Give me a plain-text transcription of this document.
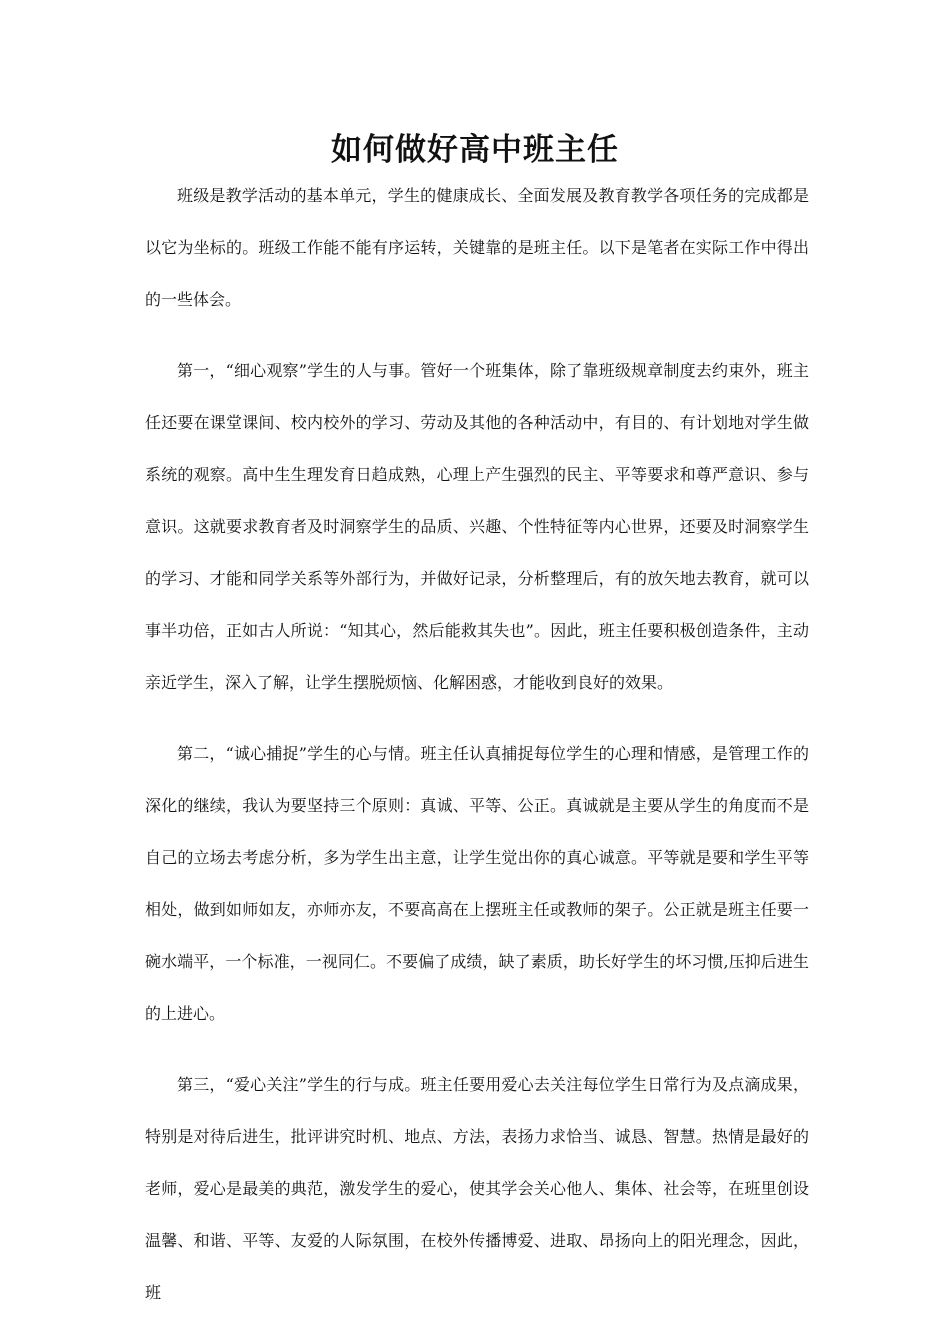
如何做好高中班主任

班级是教学活动的基本单元，学生的健康成长、全面发展及教育教学各项任务的完成都是以它为坐标的。班级工作能不能有序运转，关键靠的是班主任。以下是笔者在实际工作中得出的一些体会。

第一，“细心观察”学生的人与事。管好一个班集体，除了靠班级规章制度去约束外，班主任还要在课堂课间、校内校外的学习、劳动及其他的各种活动中，有目的、有计划地对学生做系统的观察。高中生生理发育日趋成熟，心理上产生强烈的民主、平等要求和尊严意识、参与意识。这就要求教育者及时洞察学生的品质、兴趣、个性特征等内心世界，还要及时洞察学生的学习、才能和同学关系等外部行为，并做好记录，分析整理后，有的放矢地去教育，就可以事半功倍，正如古人所说：“知其心，然后能救其失也”。因此，班主任要积极创造条件，主动亲近学生，深入了解，让学生摆脱烦恼、化解困惑，才能收到良好的效果。

第二，“诚心捕捉”学生的心与情。班主任认真捕捉每位学生的心理和情感，是管理工作的深化的继续，我认为要坚持三个原则：真诚、平等、公正。真诚就是主要从学生的角度而不是自己的立场去考虑分析，多为学生出主意，让学生觉出你的真心诚意。平等就是要和学生平等相处，做到如师如友，亦师亦友，不要高高在上摆班主任或教师的架子。公正就是班主任要一碗水端平，一个标准，一视同仁。不要偏了成绩，缺了素质，助长好学生的坏习惯,压抑后进生的上进心。

第三，“爱心关注”学生的行与成。班主任要用爱心去关注每位学生日常行为及点滴成果，特别是对待后进生，批评讲究时机、地点、方法，表扬力求恰当、诚恳、智慧。热情是最好的老师，爱心是最美的典范，激发学生的爱心，使其学会关心他人、集体、社会等，在班里创设温馨、和谐、平等、友爱的人际氛围，在校外传播博爱、进取、昂扬向上的阳光理念，因此，班
